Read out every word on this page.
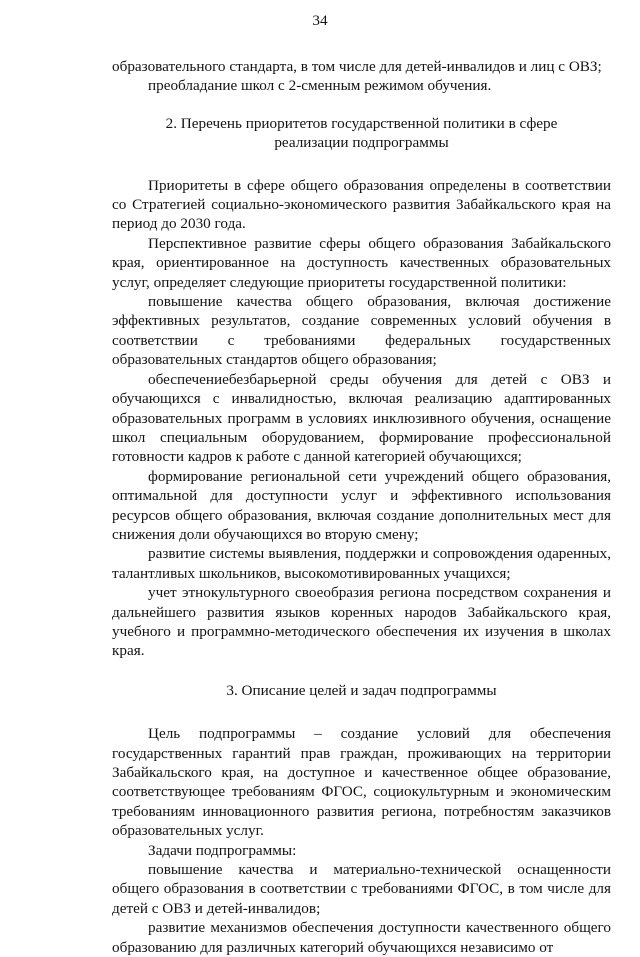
34

образовательного стандарта, в том числе для детей-инвалидов и лиц с ОВЗ;

преобладание школ с 2-сменным режимом обучения.

2. Перечень приоритетов государственной политики в сфере
реализации подпрограммы

Приоритеты в сфере общего образования определены в соответствии со Стратегией социально-экономического развития Забайкальского края на период до 2030 года.

Перспективное развитие сферы общего образования Забайкальского края, ориентированное на доступность качественных образовательных услуг, определяет следующие приоритеты государственной политики:

повышение качества общего образования, включая достижение эффективных результатов, создание современных условий обучения в соответствии с требованиями федеральных государственных образовательных стандартов общего образования;

обеспечениебезбарьерной среды обучения для детей с ОВЗ и обучающихся с инвалидностью, включая реализацию адаптированных образовательных программ в условиях инклюзивного обучения, оснащение школ специальным оборудованием, формирование профессиональной готовности кадров к работе с данной категорией обучающихся;

формирование региональной сети учреждений общего образования, оптимальной для доступности услуг и эффективного использования ресурсов общего образования, включая создание дополнительных мест для снижения доли обучающихся во вторую смену;

развитие системы выявления, поддержки и сопровождения одаренных, талантливых школьников, высокомотивированных учащихся;

учет этнокультурного своеобразия региона посредством сохранения и дальнейшего развития языков коренных народов Забайкальского края, учебного и программно-методического обеспечения их изучения в школах края.

3. Описание целей и задач подпрограммы

Цель подпрограммы – создание условий для обеспечения государственных гарантий прав граждан, проживающих на территории Забайкальского края, на доступное и качественное общее образование, соответствующее требованиям ФГОС, социокультурным и экономическим требованиям инновационного развития региона, потребностям заказчиков образовательных услуг.

Задачи подпрограммы:

повышение качества и материально-технической оснащенности общего образования в соответствии с требованиями ФГОС, в том числе для детей с ОВЗ и детей-инвалидов;

развитие механизмов обеспечения доступности качественного общего образованию для различных категорий обучающихся независимо от
